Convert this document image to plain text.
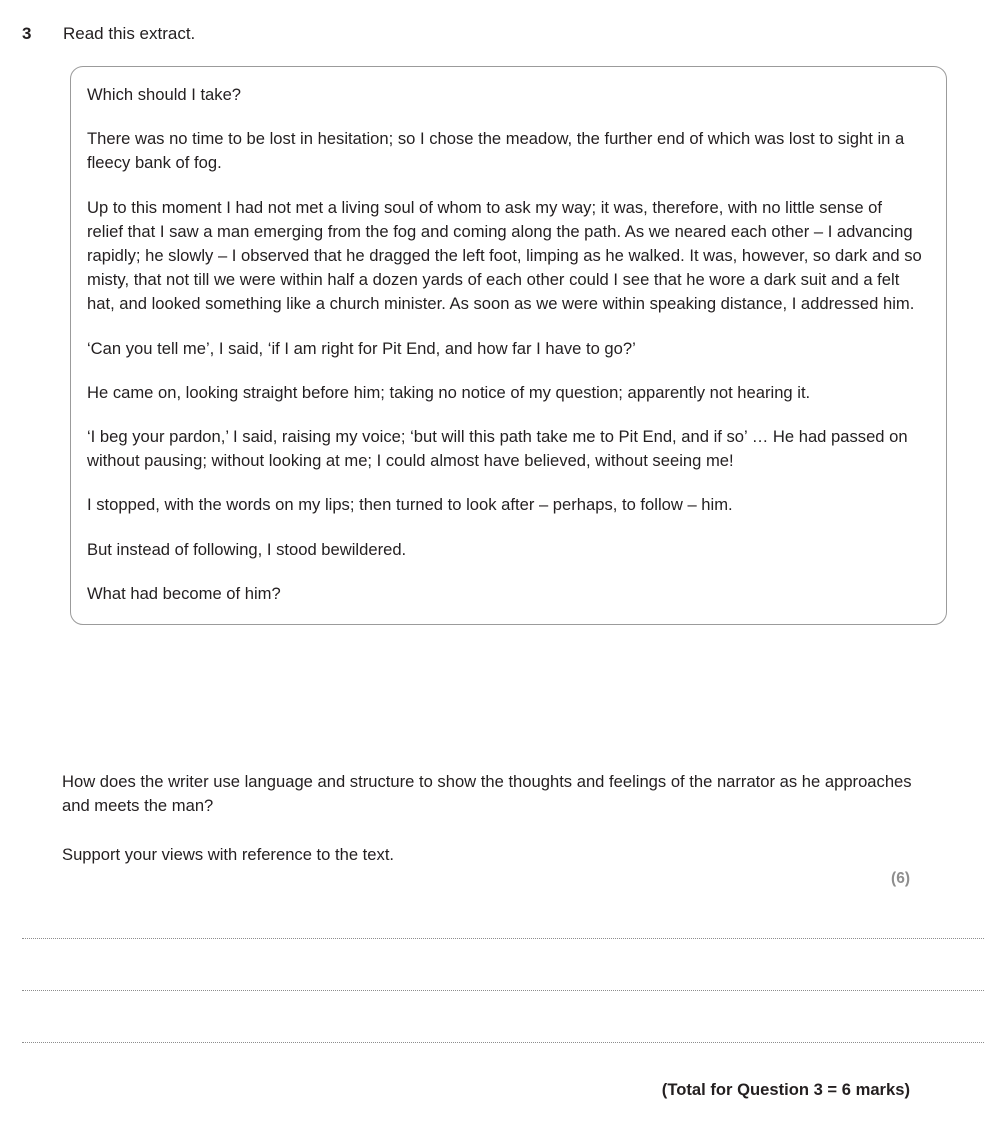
3 Read this extract.

Which should I take?

There was no time to be lost in hesitation; so I chose the meadow, the further end of which was lost to sight in a fleecy bank of fog.

Up to this moment I had not met a living soul of whom to ask my way; it was, therefore, with no little sense of relief that I saw a man emerging from the fog and coming along the path. As we neared each other – I advancing rapidly; he slowly – I observed that he dragged the left foot, limping as he walked. It was, however, so dark and so misty, that not till we were within half a dozen yards of each other could I see that he wore a dark suit and a felt hat, and looked something like a church minister. As soon as we were within speaking distance, I addressed him.

‘Can you tell me’, I said, ‘if I am right for Pit End, and how far I have to go?’

He came on, looking straight before him; taking no notice of my question; apparently not hearing it.

‘I beg your pardon,’ I said, raising my voice; ‘but will this path take me to Pit End, and if so’ … He had passed on without pausing; without looking at me; I could almost have believed, without seeing me!

I stopped, with the words on my lips; then turned to look after – perhaps, to follow – him.

But instead of following, I stood bewildered.

What had become of him?

How does the writer use language and structure to show the thoughts and feelings of the narrator as he approaches and meets the man?

Support your views with reference to the text.

(6)
(Total for Question 3 = 6 marks)
